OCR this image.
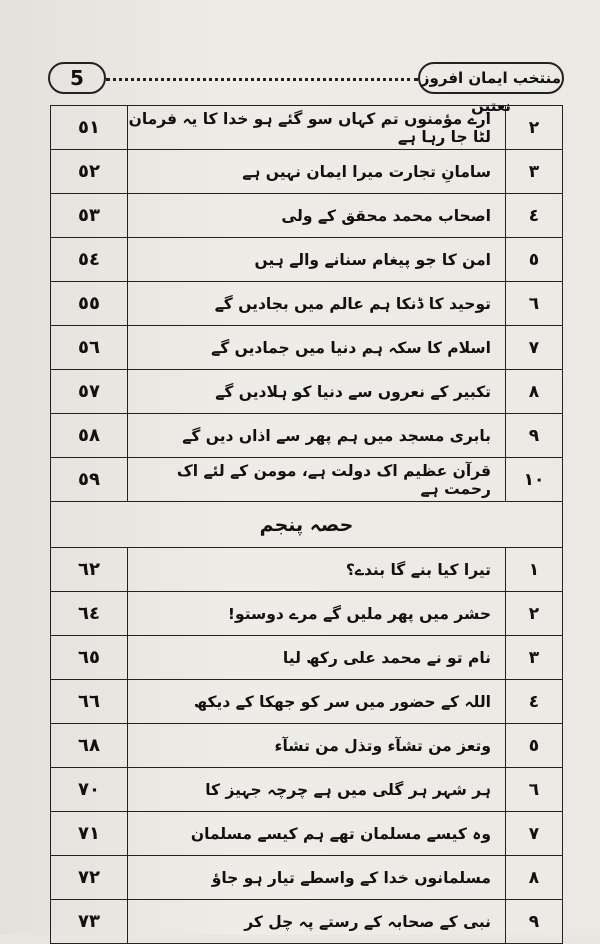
5	منتخب ایمان افروز نعتیں
٥١	ارے مؤمنوں تم کہاں سو گئے ہو خدا کا یہ فرمان لٹا جا رہا ہے	٢
٥٢	سامانِ تجارت میرا ایمان نہیں ہے	٣
٥٣	اصحاب محمد محقق کے ولی	٤
٥٤	امن کا جو پیغام سنانے والے ہیں	٥
٥٥	توحید کا ڈنکا ہم عالم میں بجادیں گے	٦
٥٦	اسلام کا سکہ ہم دنیا میں جمادیں گے	٧
٥٧	تکبیر کے نعروں سے دنیا کو ہلادیں گے	٨
٥٨	بابری مسجد میں ہم پھر سے اذاں دیں گے	٩
٥٩	قرآن عظیم اک دولت ہے، مومن کے لئے اک رحمت ہے	١٠
حصہ پنجم		
٦٢	تیرا کیا بنے گا بندے؟	١
٦٤	حشر میں پھر ملیں گے مرے دوستو!	٢
٦٥	نام تو نے محمد علی رکھ لیا	٣
٦٦	اللہ کے حضور میں سر کو جھکا کے دیکھ	٤
٦٨	وتعز من تشآء وتذل من تشآء	٥
٧٠	ہر شہر ہر گلی میں ہے چرچہ جہیز کا	٦
٧١	وہ کیسے مسلمان تھے ہم کیسے مسلمان	٧
٧٢	مسلمانوں خدا کے واسطے تیار ہو جاؤ	٨
٧٣	نبی کے صحابہ کے رستے پہ چل کر	٩
